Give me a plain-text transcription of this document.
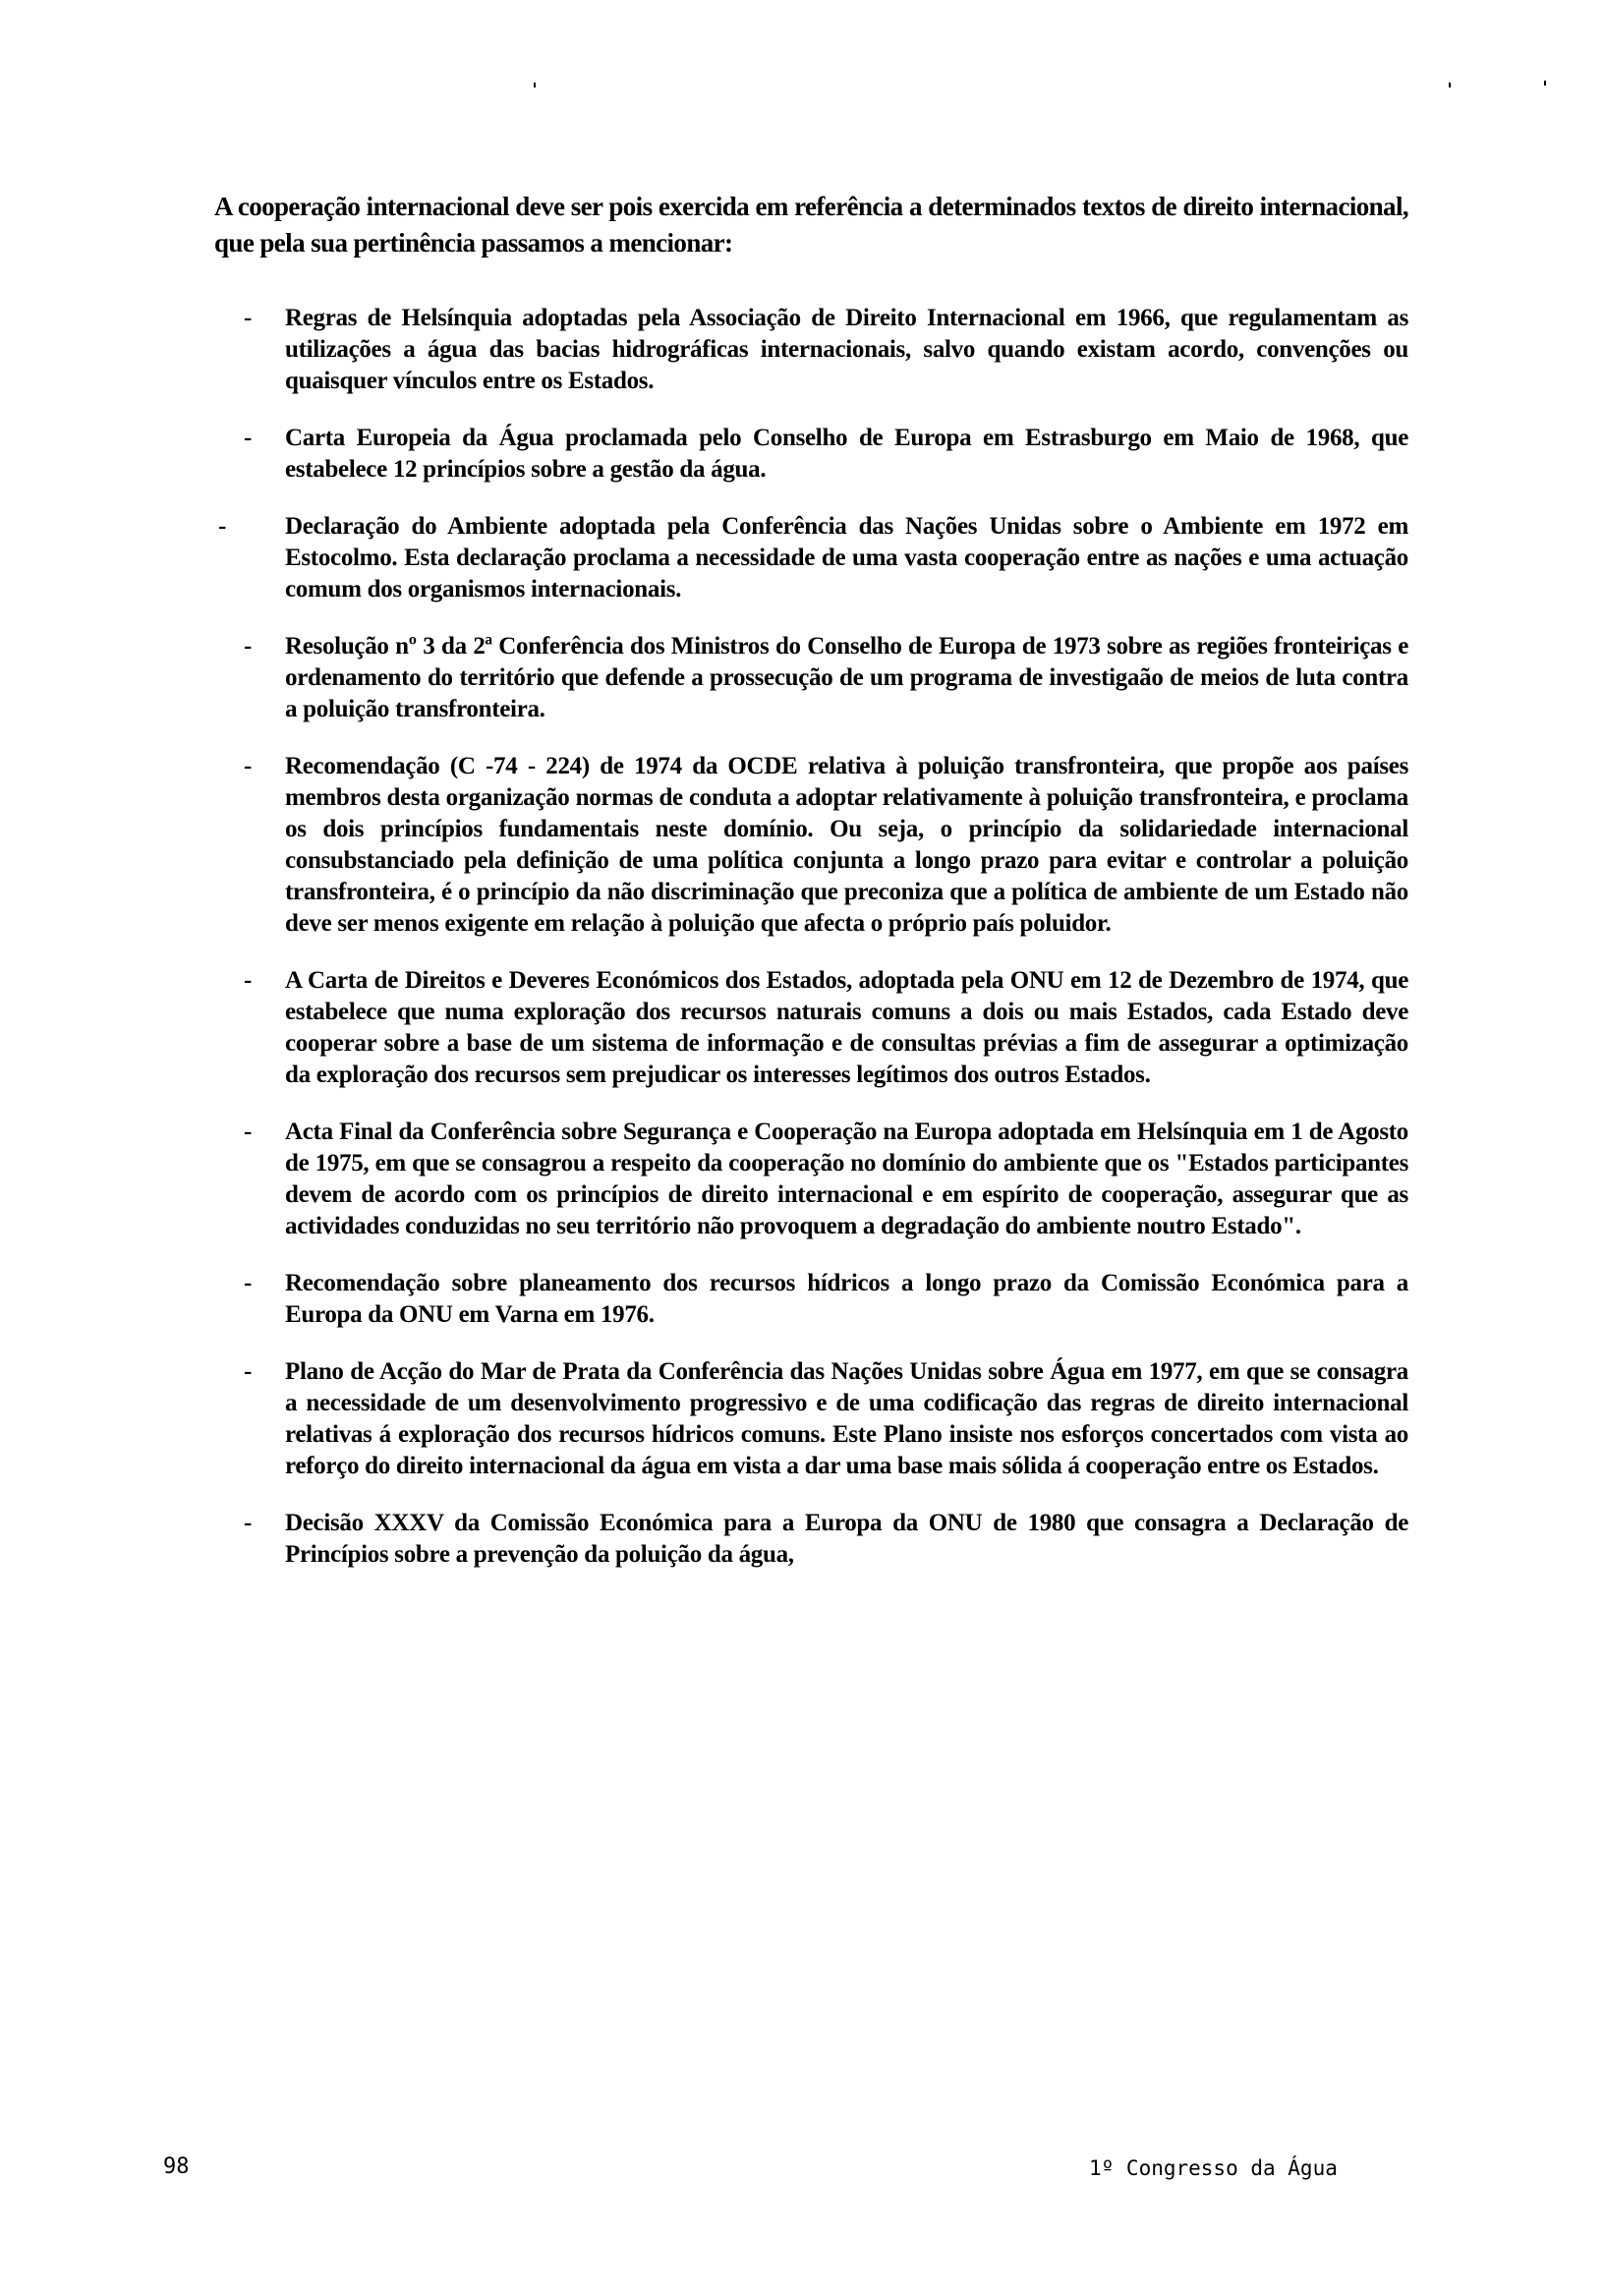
A cooperação internacional deve ser pois exercida em referência a determinados textos de direito internacional, que pela sua pertinência passamos a mencionar:

-	Regras de Helsínquia adoptadas pela Associação de Direito Internacional em 1966, que regulamentam as utilizações a água das bacias hidrográficas internacionais, salvo quando existam acordo, convenções ou quaisquer vínculos entre os Estados.
-	Carta Europeia da Água proclamada pelo Conselho de Europa em Estrasburgo em Maio de 1968, que estabelece 12 princípios sobre a gestão da água.
-	Declaração do Ambiente adoptada pela Conferência das Nações Unidas sobre o Ambiente em 1972 em Estocolmo. Esta declaração proclama a necessidade de uma vasta cooperação entre as nações e uma actuação comum dos organismos internacionais.
-	Resolução nº 3 da 2ª Conferência dos Ministros do Conselho de Europa de 1973 sobre as regiões fronteiriças e ordenamento do território que defende a prossecução de um programa de investigaão de meios de luta contra a poluição transfronteira.
-	Recomendação (C -74 - 224) de 1974 da OCDE relativa à poluição transfronteira, que propõe aos países membros desta organização normas de conduta a adoptar relativamente à poluição transfronteira, e proclama os dois princípios fundamentais neste domínio. Ou seja, o princípio da solidariedade internacional consubstanciado pela definição de uma política conjunta a longo prazo para evitar e controlar a poluição transfronteira, é o princípio da não discriminação que preconiza que a política de ambiente de um Estado não deve ser menos exigente em relação à poluição que afecta o próprio país poluidor.
-	A Carta de Direitos e Deveres Económicos dos Estados, adoptada pela ONU em 12 de Dezembro de 1974, que estabelece que numa exploração dos recursos naturais comuns a dois ou mais Estados, cada Estado deve cooperar sobre a base de um sistema de informação e de consultas prévias a fim de assegurar a optimização da exploração dos recursos sem prejudicar os interesses legítimos dos outros Estados.
-	Acta Final da Conferência sobre Segurança e Cooperação na Europa adoptada em Helsínquia em 1 de Agosto de 1975, em que se consagrou a respeito da cooperação no domínio do ambiente que os "Estados participantes devem de acordo com os princípios de direito internacional e em espírito de cooperação, assegurar que as actividades conduzidas no seu território não provoquem a degradação do ambiente noutro Estado".
-	Recomendação sobre planeamento dos recursos hídricos a longo prazo da Comissão Económica para a Europa da ONU em Varna em 1976.
-	Plano de Acção do Mar de Prata da Conferência das Nações Unidas sobre Água em 1977, em que se consagra a necessidade de um desenvolvimento progressivo e de uma codificação das regras de direito internacional relativas á exploração dos recursos hídricos comuns. Este Plano insiste nos esforços concertados com vista ao reforço do direito internacional da água em vista a dar uma base mais sólida á cooperação entre os Estados.
-	Decisão XXXV da Comissão Económica para a Europa da ONU de 1980 que consagra a Declaração de Princípios sobre a prevenção da poluição da água,
98	1º Congresso da Água
